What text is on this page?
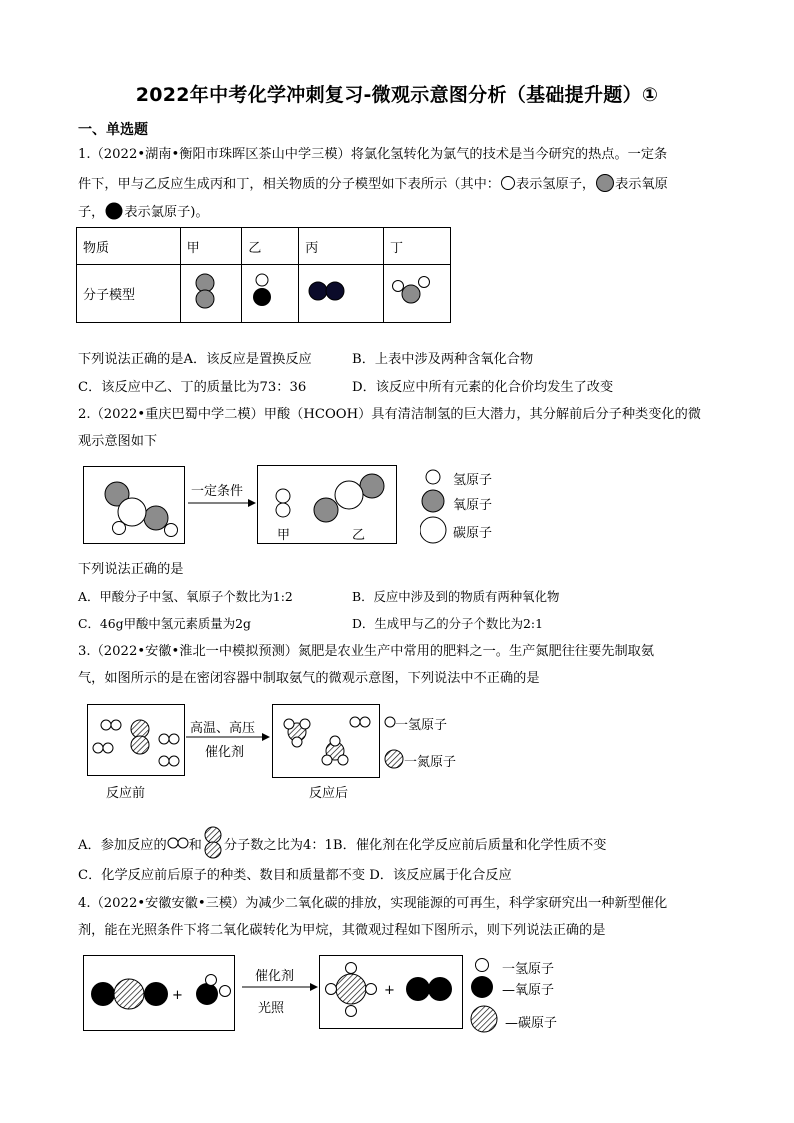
2022年中考化学冲刺复习-微观示意图分析（基础提升题）①
一、单选题
1.（2022•湖南•衡阳市珠晖区茶山中学三模）将氯化氢转化为氯气的技术是当今研究的热点。一定条
件下，甲与乙反应生成丙和丁，相关物质的分子模型如下表所示（其中： 表示氢原子， 表示氧原
子， 表示氯原子)。
物质	甲	乙	丙	丁
分子模型				
下列说法正确的是A．该反应是置换反应	B．上表中涉及两种含氧化合物
C．该反应中乙、丁的质量比为73：36	D．该反应中所有元素的化合价均发生了改变
2.（2022•重庆巴蜀中学二模）甲酸（HCOOH）具有清洁制氢的巨大潜力，其分解前后分子种类变化的微
观示意图如下
一定条件
甲	乙
氢原子
氧原子
碳原子
下列说法正确的是
A．甲酸分子中氢、氧原子个数比为1:2	B．反应中涉及到的物质有两种氧化物
C．46g甲酸中氢元素质量为2g	D．生成甲与乙的分子个数比为2:1
3.（2022•安徽•淮北一中模拟预测）氮肥是农业生产中常用的肥料之一。生产氮肥往往要先制取氨
气，如图所示的是在密闭容器中制取氨气的微观示意图，下列说法中不正确的是
高温、高压
催化剂
反应前	反应后
一氢原子
一氮原子
A．参加反应的 和 分子数之比为4：1B．催化剂在化学反应前后质量和化学性质不变
C．化学反应前后原子的种类、数目和质量都不变 D．该反应属于化合反应
4.（2022•安徽安徽•三模）为减少二氧化碳的排放，实现能源的可再生，科学家研究出一种新型催化
剂，能在光照条件下将二氧化碳转化为甲烷，其微观过程如下图所示，则下列说法正确的是
+
催化剂
光照
+
一氢原子
—氧原子
—碳原子
